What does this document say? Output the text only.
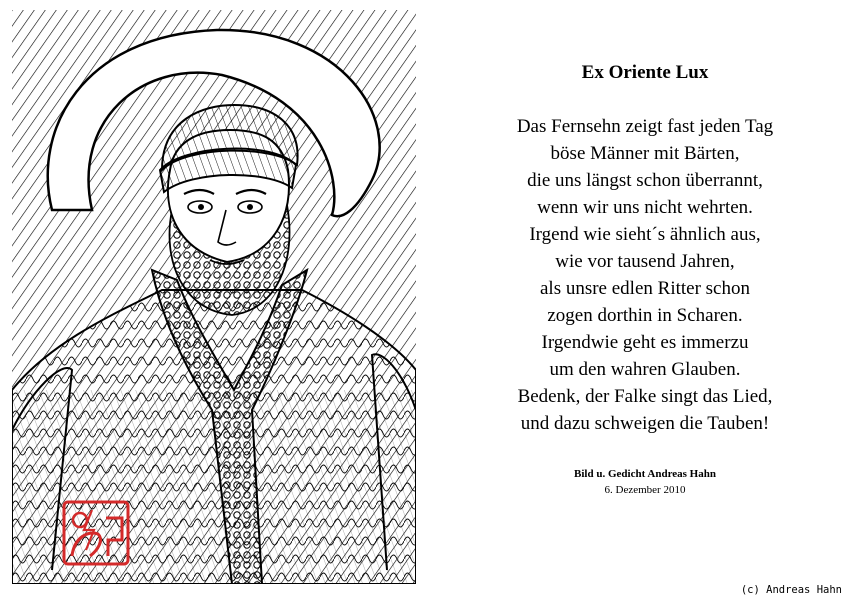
Ex Oriente Lux
Das Fernsehn zeigt fast jeden Tag
böse Männer mit Bärten,
die uns längst schon überrannt,
wenn wir uns nicht wehrten.
Irgend wie sieht´s ähnlich aus,
wie vor tausend Jahren,
als unsre edlen Ritter schon
zogen dorthin in Scharen.
Irgendwie geht es immerzu
um den wahren Glauben.
Bedenk, der Falke singt das Lied,
und dazu schweigen die Tauben!
Bild u. Gedicht Andreas Hahn
6. Dezember 2010
(c) Andreas Hahn
